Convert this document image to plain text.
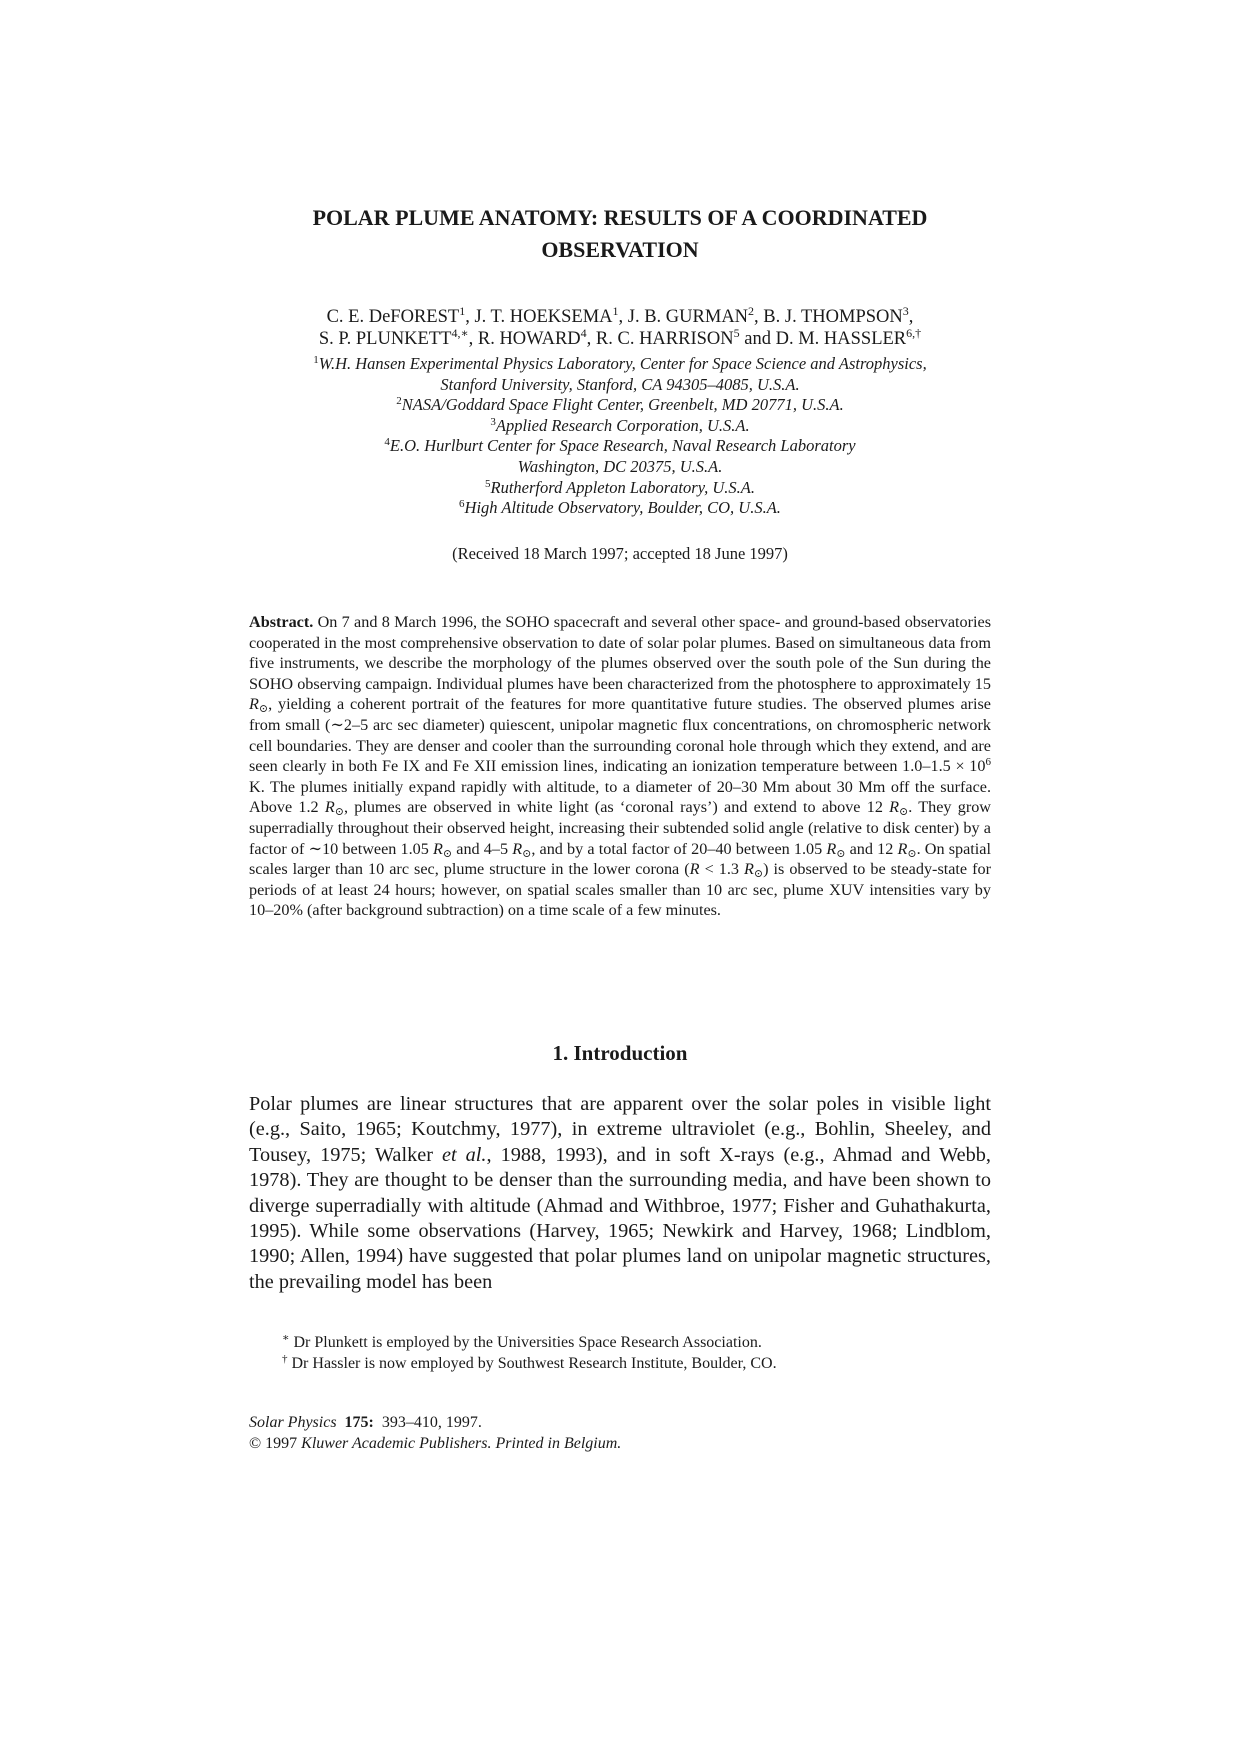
POLAR PLUME ANATOMY: RESULTS OF A COORDINATED
OBSERVATION
C. E. DeFOREST$^1$, J. T. HOEKSEMA$^1$, J. B. GURMAN$^2$, B. J. THOMPSON$^3$,
S. P. $PLUNKETT^{4,∗}$, R. HOWARD$^4$, R. C. HARRISON$^5$ and D. M. $HASSLER^{6,\dagger}$
$^1$W.H. Hansen Experimental Physics Laboratory, Center for Space Science and Astrophysics,
Stanford University, Stanford, CA 94305–4085, U.S.A.
$^2$NASA/Goddard Space Flight Center, Greenbelt, MD 20771, U.S.A.
$^3$Applied Research Corporation, U.S.A.
$^4$E.O. Hurlburt Center for Space Research, Naval Research Laboratory
Washington, DC 20375, U.S.A.
$^5$Rutherford Appleton Laboratory, U.S.A.
$^6$High Altitude Observatory, Boulder, CO, U.S.A.
(Received 18 March 1997; accepted 18 June 1997)
Abstract. On 7 and 8 March 1996, the SOHO spacecraft and several other space- and ground-based observatories cooperated in the most comprehensive observation to date of solar polar plumes. Based on simultaneous data from five instruments, we describe the morphology of the plumes observed over the south pole of the Sun during the SOHO observing campaign. Individual plumes have been characterized from the photosphere to approximately 15 $R_⊙$, yielding a coherent portrait of the features for more quantitative future studies. The observed plumes arise from small (∼2–5 arc sec diameter) quiescent, unipolar magnetic flux concentrations, on chromospheric network cell boundaries. They are denser and cooler than the surrounding coronal hole through which they extend, and are seen clearly in both Fe IX and Fe XII emission lines, indicating an ionization temperature between $1.0-1.5 \times 10^6$ K. The plumes initially expand rapidly with altitude, to a diameter of 20–30 Mm about 30 Mm off the surface. Above 1.2 $R_⊙$, plumes are observed in white light (as ‘coronal rays’) and extend to above 12 $R_⊙$. They grow superradially throughout their observed height, increasing their subtended solid angle (relative to disk center) by a factor of ∼10 between 1.05 $R_⊙$ and 4–5 $R_⊙$, and by a total factor of 20–40 between 1.05 $R_⊙$ and 12 $R_⊙$. On spatial scales larger than 10 arc sec, plume structure in the lower corona (R < 1.3 $R_⊙$) is observed to be steady-state for periods of at least 24 hours; however, on spatial scales smaller than 10 arc sec, plume XUV intensities vary by 10–20% (after background subtraction) on a time scale of a few minutes.
1. Introduction
Polar plumes are linear structures that are apparent over the solar poles in visible light (e.g., Saito, 1965; Koutchmy, 1977), in extreme ultraviolet (e.g., Bohlin, Sheeley, and Tousey, 1975; Walker et al., 1988, 1993), and in soft X-rays (e.g., Ahmad and Webb, 1978). They are thought to be denser than the surrounding media, and have been shown to diverge superradially with altitude (Ahmad and Withbroe, 1977; Fisher and Guhathakurta, 1995). While some observations (Harvey, 1965; Newkirk and Harvey, 1968; Lindblom, 1990; Allen, 1994) have suggested that polar plumes land on unipolar magnetic structures, the prevailing model has been
∗ Dr Plunkett is employed by the Universities Space Research Association.
† Dr Hassler is now employed by Southwest Research Institute, Boulder, CO.
Solar Physics 175: 393–410, 1997.
© 1997 Kluwer Academic Publishers. Printed in Belgium.
